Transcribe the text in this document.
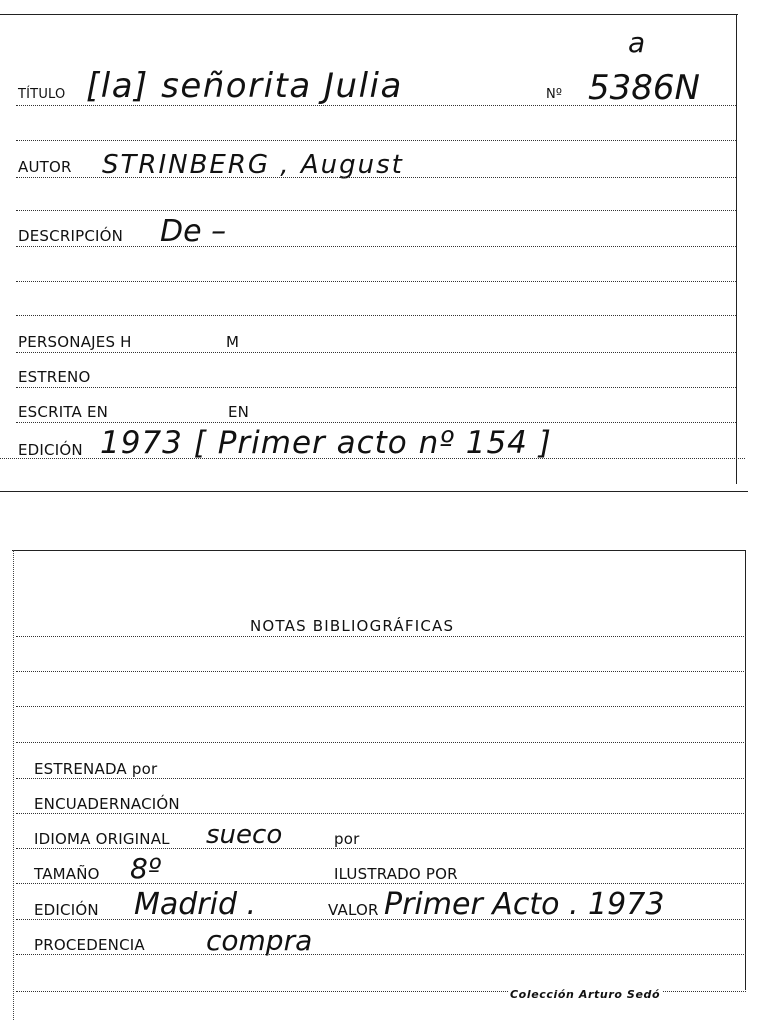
a
TÍTULO [la] señorita Julia	Nº 5386N
AUTOR STRINBERG , August
DESCRIPCIÓN De –
PERSONAJES H	M
ESTRENO
ESCRITA EN	EN
EDICIÓN 1973 [ Primer acto nº 154 ]
NOTAS BIBLIOGRÁFICAS
ESTRENADA por
ENCUADERNACIÓN
IDIOMA ORIGINAL sueco	por
TAMAÑO 8º	ILUSTRADO POR
EDICIÓN Madrid .	VALOR Primer Acto . 1973
PROCEDENCIA compra
Colección Arturo Sedó
